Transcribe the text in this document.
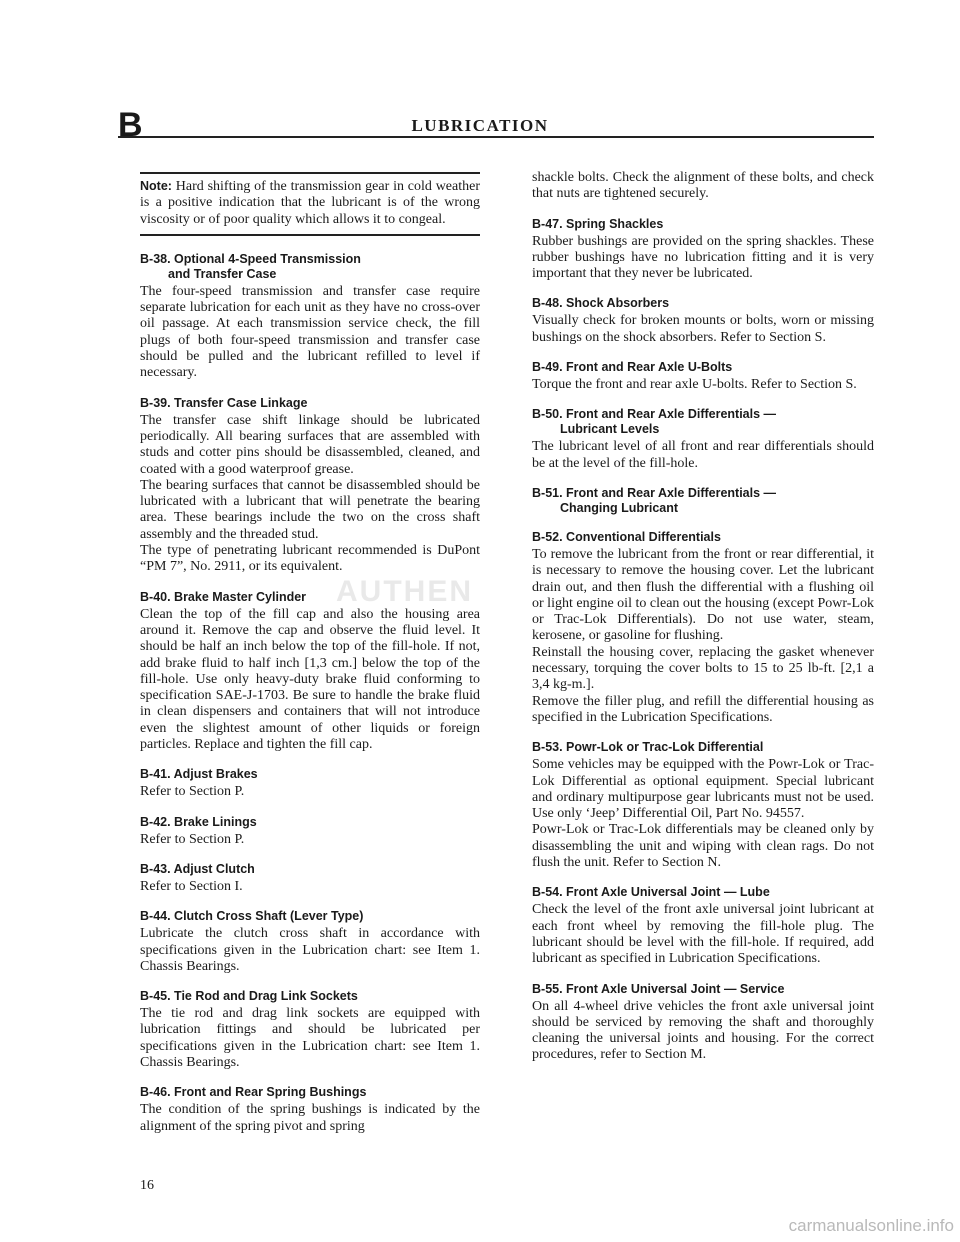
B	LUBRICATION
AUTHEN

Note: Hard shifting of the transmission gear in cold weather is a positive indication that the lubricant is of the wrong viscosity or of poor quality which allows it to congeal.

B-38. Optional 4-Speed Transmission
and Transfer Case

The four-speed transmission and transfer case require separate lubrication for each unit as they have no cross-over oil passage. At each transmission service check, the fill plugs of both four-speed transmission and transfer case should be pulled and the lubricant refilled to level if necessary.

B-39. Transfer Case Linkage

The transfer case shift linkage should be lubricated periodically. All bearing surfaces that are assembled with studs and cotter pins should be disassembled, cleaned, and coated with a good waterproof grease.

The bearing surfaces that cannot be disassembled should be lubricated with a lubricant that will penetrate the bearing area. These bearings include the two on the cross shaft assembly and the threaded stud.

The type of penetrating lubricant recommended is DuPont “PM 7”, No. 2911, or its equivalent.

B-40. Brake Master Cylinder

Clean the top of the fill cap and also the housing area around it. Remove the cap and observe the fluid level. It should be half an inch below the top of the fill-hole. If not, add brake fluid to half inch [1,3 cm.] below the top of the fill-hole. Use only heavy-duty brake fluid conforming to specification SAE-J-1703. Be sure to handle the brake fluid in clean dispensers and containers that will not introduce even the slightest amount of other liquids or foreign particles. Replace and tighten the fill cap.

B-41. Adjust Brakes

Refer to Section P.

B-42. Brake Linings

Refer to Section P.

B-43. Adjust Clutch

Refer to Section I.

B-44. Clutch Cross Shaft (Lever Type)

Lubricate the clutch cross shaft in accordance with specifications given in the Lubrication chart: see Item 1. Chassis Bearings.

B-45. Tie Rod and Drag Link Sockets

The tie rod and drag link sockets are equipped with lubrication fittings and should be lubricated per specifications given in the Lubrication chart: see Item 1. Chassis Bearings.

B-46. Front and Rear Spring Bushings

The condition of the spring bushings is indicated by the alignment of the spring pivot and spring

shackle bolts. Check the alignment of these bolts, and check that nuts are tightened securely.

B-47. Spring Shackles

Rubber bushings are provided on the spring shackles. These rubber bushings have no lubrication fitting and it is very important that they never be lubricated.

B-48. Shock Absorbers

Visually check for broken mounts or bolts, worn or missing bushings on the shock absorbers. Refer to Section S.

B-49. Front and Rear Axle U-Bolts

Torque the front and rear axle U-bolts. Refer to Section S.

B-50. Front and Rear Axle Differentials —
Lubricant Levels

The lubricant level of all front and rear differentials should be at the level of the fill-hole.

B-51. Front and Rear Axle Differentials —
Changing Lubricant
B-52. Conventional Differentials

To remove the lubricant from the front or rear differential, it is necessary to remove the housing cover. Let the lubricant drain out, and then flush the differential with a flushing oil or light engine oil to clean out the housing (except Powr-Lok or Trac-Lok Differentials). Do not use water, steam, kerosene, or gasoline for flushing.

Reinstall the housing cover, replacing the gasket whenever necessary, torquing the cover bolts to 15 to 25 lb-ft. [2,1 a 3,4 kg-m.].

Remove the filler plug, and refill the differential housing as specified in the Lubrication Specifications.

B-53. Powr-Lok or Trac-Lok Differential

Some vehicles may be equipped with the Powr-Lok or Trac-Lok Differential as optional equipment. Special lubricant and ordinary multipurpose gear lubricants must not be used. Use only ‘Jeep’ Differential Oil, Part No. 94557.

Powr-Lok or Trac-Lok differentials may be cleaned only by disassembling the unit and wiping with clean rags. Do not flush the unit. Refer to Section N.

B-54. Front Axle Universal Joint — Lube

Check the level of the front axle universal joint lubricant at each front wheel by removing the fill-hole plug. The lubricant should be level with the fill-hole. If required, add lubricant as specified in Lubrication Specifications.

B-55. Front Axle Universal Joint — Service

On all 4-wheel drive vehicles the front axle universal joint should be serviced by removing the shaft and thoroughly cleaning the universal joints and housing. For the correct procedures, refer to Section M.

16
carmanualsonline.info
